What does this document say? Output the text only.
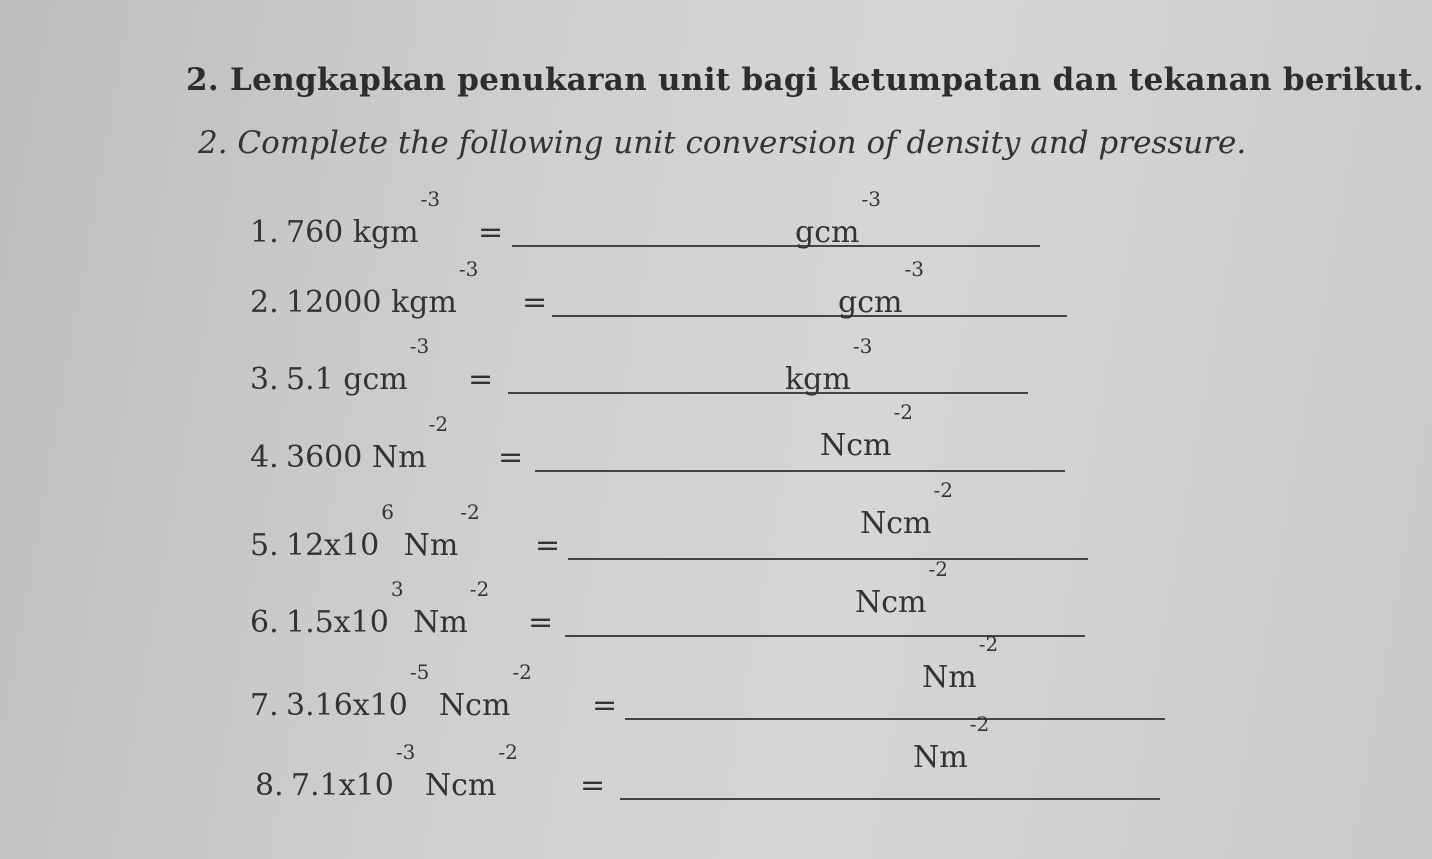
2. Lengkapkan penukaran unit bagi ketumpatan dan tekanan berikut.
2. Complete the following unit conversion of density and pressure.
1. 760 kgm$^{-3}$
=	gcm$^{-3}$
2. 12000 kgm$^{-3}$
=	gcm$^{-3}$
3. 5.1 gcm$^{-3}$
=	kgm$^{-3}$
4. 3600 $Nm^{-2}$
=	Ncm$^{-2}$
5. $12x10^6$ $Nm^{-2}$
=
Ncm$^{-2}$
6. $1.5x10^3$ $Nm^{-2}$
=
Ncm$^{-2}$
7. $3.16x10^{-5}$ Ncm$^{-2}$
=
$Nm^{-2}$
8. $7.1x10^{-3}$ Ncm$^{-2}$
=
$Nm^{-2}$
